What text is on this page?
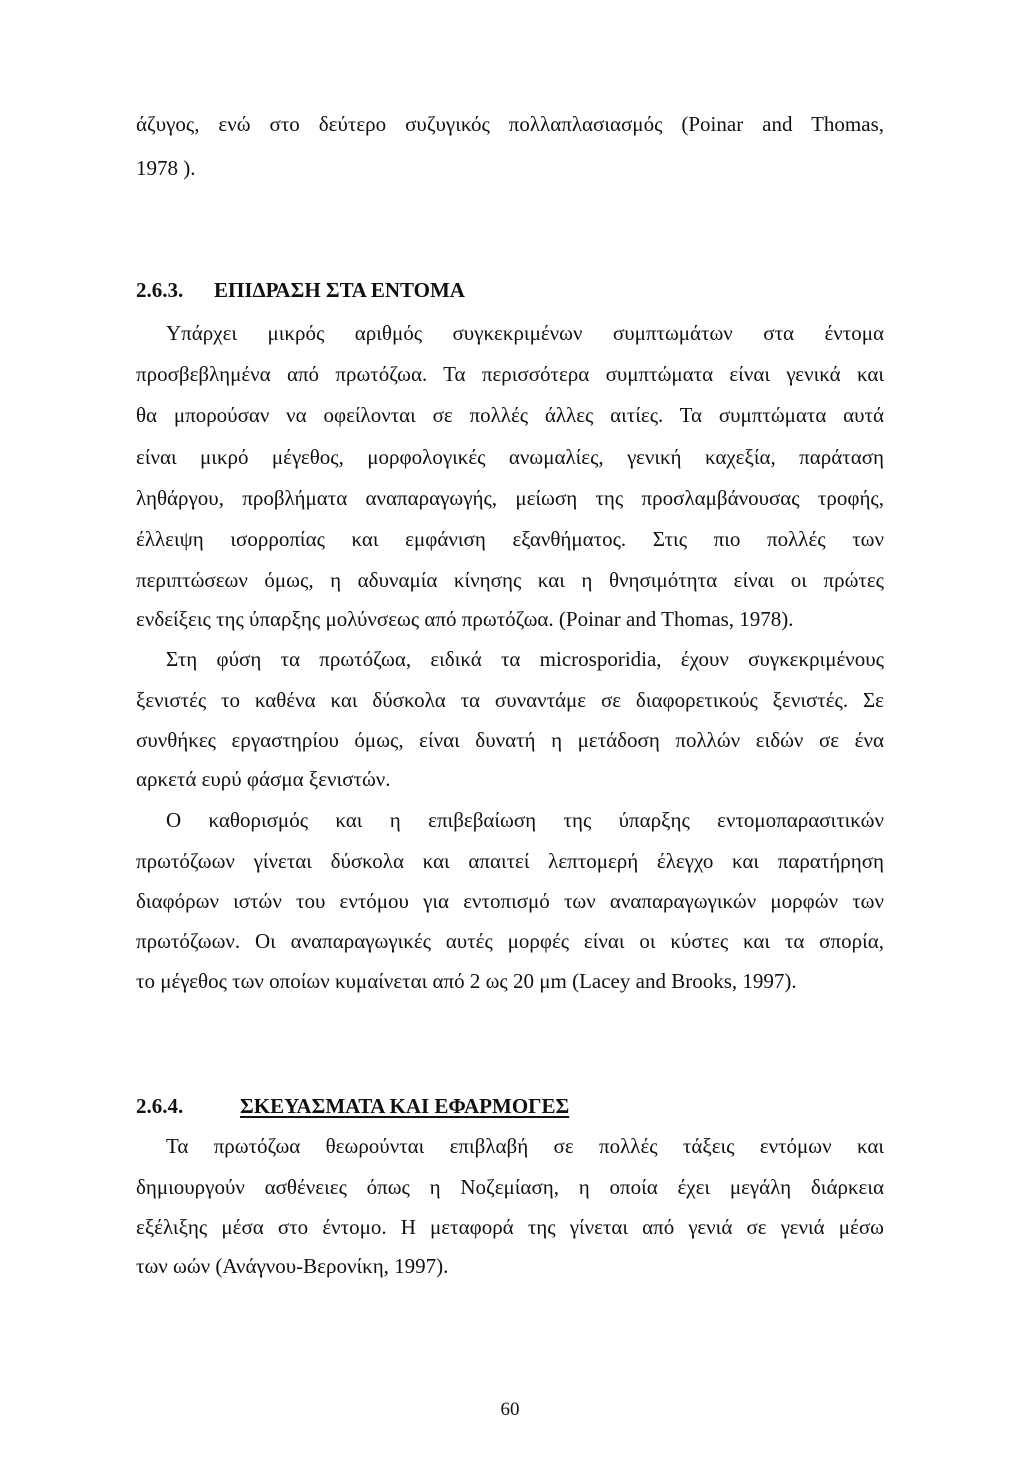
άζυγος, ενώ στο δεύτερο συζυγικός πολλαπλασιασμός (Poinar and Thomas,
1978 ).
2.6.3. ΕΠΙΔΡΑΣΗ ΣΤΑ ΕΝΤΟΜΑ
Υπάρχει μικρός αριθμός συγκεκριμένων συμπτωμάτων στα έντομα
προσβεβλημένα από πρωτόζωα. Τα περισσότερα συμπτώματα είναι γενικά και
θα μπορούσαν να οφείλονται σε πολλές άλλες αιτίες. Τα συμπτώματα αυτά
είναι μικρό μέγεθος, μορφολογικές ανωμαλίες, γενική καχεξία, παράταση
ληθάργου, προβλήματα αναπαραγωγής, μείωση της προσλαμβάνουσας τροφής,
έλλειψη ισορροπίας και εμφάνιση εξανθήματος. Στις πιο πολλές των
περιπτώσεων όμως, η αδυναμία κίνησης και η θνησιμότητα είναι οι πρώτες
ενδείξεις της ύπαρξης μολύνσεως από πρωτόζωα. (Poinar and Thomas, 1978).
Στη φύση τα πρωτόζωα, ειδικά τα microsporidia, έχουν συγκεκριμένους
ξενιστές το καθένα και δύσκολα τα συναντάμε σε διαφορετικούς ξενιστές. Σε
συνθήκες εργαστηρίου όμως, είναι δυνατή η μετάδοση πολλών ειδών σε ένα
αρκετά ευρύ φάσμα ξενιστών.
Ο καθορισμός και η επιβεβαίωση της ύπαρξης εντομοπαρασιτικών
πρωτόζωων γίνεται δύσκολα και απαιτεί λεπτομερή έλεγχο και παρατήρηση
διαφόρων ιστών του εντόμου για εντοπισμό των αναπαραγωγικών μορφών των
πρωτόζωων. Οι αναπαραγωγικές αυτές μορφές είναι οι κύστες και τα σπορία,
το μέγεθος των οποίων κυμαίνεται από 2 ως 20 μm (Lacey and Brooks, 1997).
2.6.4.	ΣΚΕΥΑΣΜΑΤΑ ΚΑΙ ΕΦΑΡΜΟΓΕΣ
Τα πρωτόζωα θεωρούνται επιβλαβή σε πολλές τάξεις εντόμων και
δημιουργούν ασθένειες όπως η Νοζεμίαση, η οποία έχει μεγάλη διάρκεια
εξέλιξης μέσα στο έντομο. Η μεταφορά της γίνεται από γενιά σε γενιά μέσω
των ωών (Ανάγνου-Βερονίκη, 1997).
60
